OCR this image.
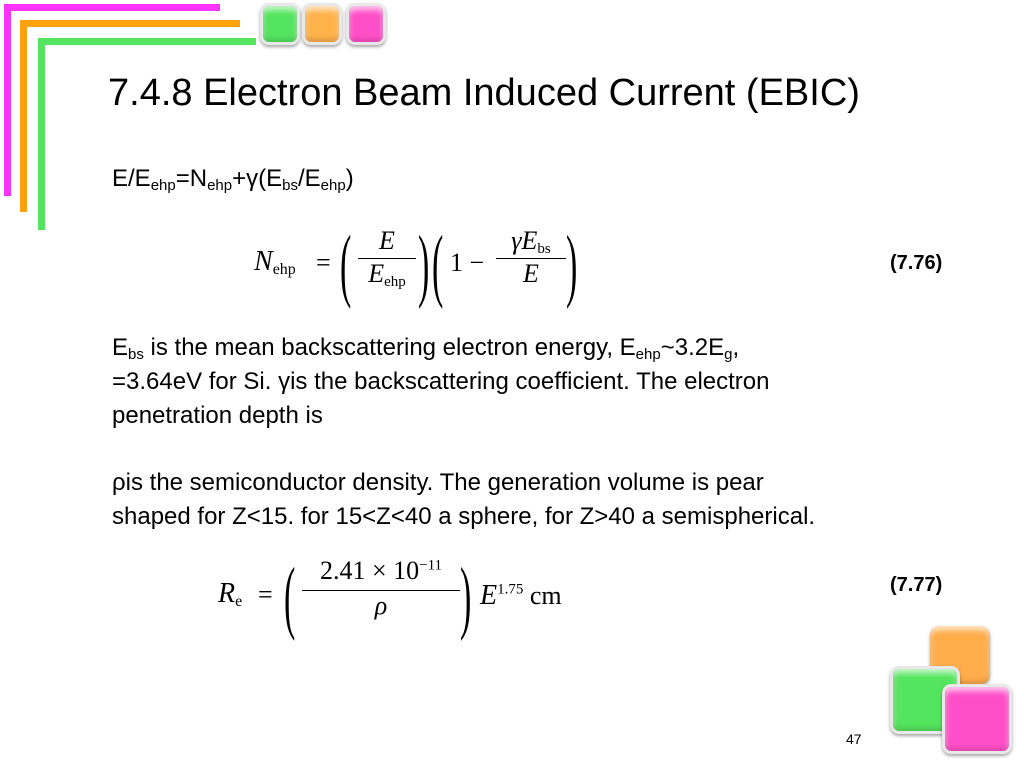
7.4.8 Electron Beam Induced Current (EBIC)
$E/E_{ehp}=N_{ehp}+\gamma(E_{bs}/E_{ehp})$
$N_{ehp}$ = (	E
$E_{ehp}$ ) ( 1 −
$\gamma E_{bs}$
E )	(7.76)
$E_{bs}$ is the mean backscattering electron energy, $E_{ehp}\sim 3.2E_g$,
=3.64eV for Si. γis the backscattering coefficient. The electron
penetration depth is
ρis the semiconductor density. The generation volume is pear
shaped for Z<15. for 15<Z<40 a sphere, for Z>40 a semispherical.
$R_e$ = ( $\frac{2.41 \times 10^{-11}}{\rho}$ ) $E^{1.75}$ cm	(7.77)
47
